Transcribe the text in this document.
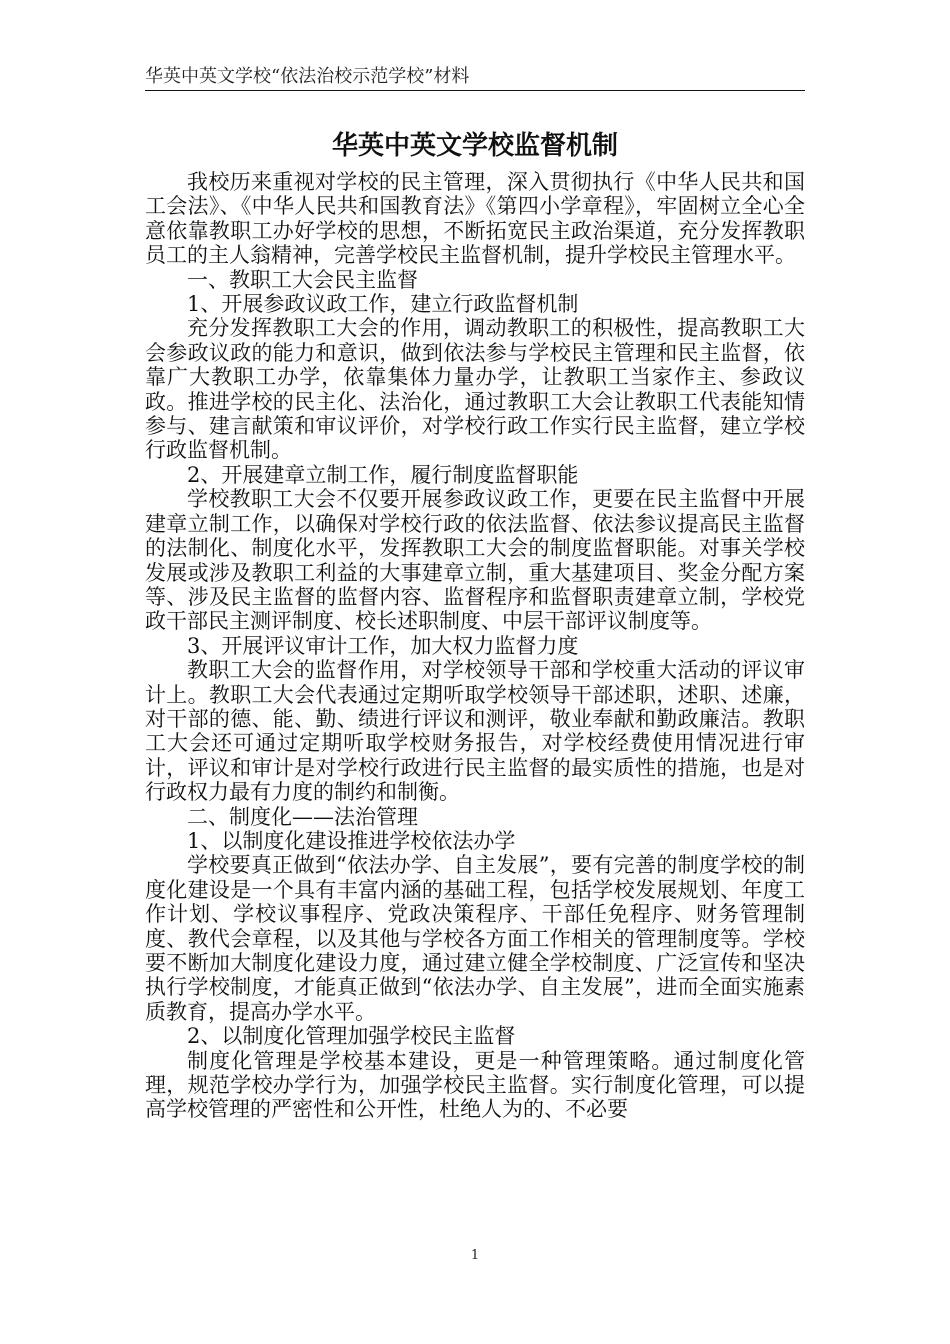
华英中英文学校“依法治校示范学校”材料
华英中英文学校监督机制

我校历来重视对学校的民主管理，深入贯彻执行《中华人民共和国工会法》、《中华人民共和国教育法》《第四小学章程》，牢固树立全心全意依靠教职工办好学校的思想，不断拓宽民主政治渠道，充分发挥教职员工的主人翁精神，完善学校民主监督机制，提升学校民主管理水平。

一、教职工大会民主监督

1、开展参政议政工作，建立行政监督机制

充分发挥教职工大会的作用，调动教职工的积极性，提高教职工大会参政议政的能力和意识，做到依法参与学校民主管理和民主监督，依靠广大教职工办学，依靠集体力量办学，让教职工当家作主、参政议政。推进学校的民主化、法治化，通过教职工大会让教职工代表能知情参与、建言献策和审议评价，对学校行政工作实行民主监督，建立学校行政监督机制。

2、开展建章立制工作，履行制度监督职能

学校教职工大会不仅要开展参政议政工作，更要在民主监督中开展建章立制工作，以确保对学校行政的依法监督、依法参议提高民主监督的法制化、制度化水平，发挥教职工大会的制度监督职能。对事关学校发展或涉及教职工利益的大事建章立制，重大基建项目、奖金分配方案等、涉及民主监督的监督内容、监督程序和监督职责建章立制，学校党政干部民主测评制度、校长述职制度、中层干部评议制度等。

3、开展评议审计工作，加大权力监督力度

教职工大会的监督作用，对学校领导干部和学校重大活动的评议审计上。教职工大会代表通过定期听取学校领导干部述职，述职、述廉，对干部的德、能、勤、绩进行评议和测评，敬业奉献和勤政廉洁。教职工大会还可通过定期听取学校财务报告，对学校经费使用情况进行审计，评议和审计是对学校行政进行民主监督的最实质性的措施，也是对行政权力最有力度的制约和制衡。

二、制度化——法治管理

1、以制度化建设推进学校依法办学

学校要真正做到“依法办学、自主发展”，要有完善的制度学校的制度化建设是一个具有丰富内涵的基础工程，包括学校发展规划、年度工作计划、学校议事程序、党政决策程序、干部任免程序、财务管理制度、教代会章程，以及其他与学校各方面工作相关的管理制度等。学校要不断加大制度化建设力度，通过建立健全学校制度、广泛宣传和坚决执行学校制度，才能真正做到“依法办学、自主发展”，进而全面实施素质教育，提高办学水平。

2、以制度化管理加强学校民主监督

制度化管理是学校基本建设，更是一种管理策略。通过制度化管理，规范学校办学行为，加强学校民主监督。实行制度化管理，可以提高学校管理的严密性和公开性，杜绝人为的、不必要

1
